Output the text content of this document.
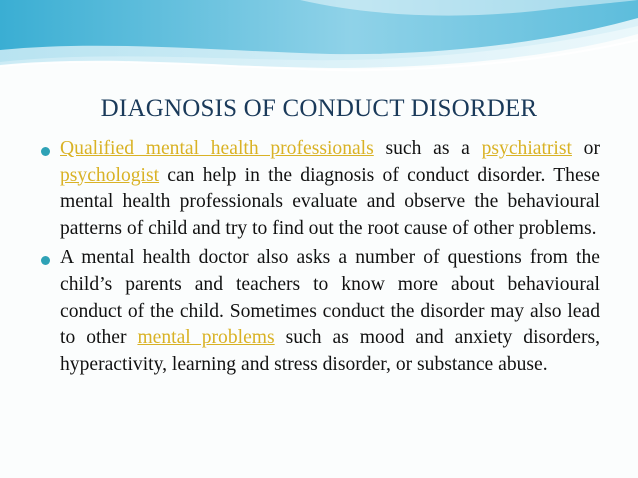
DIAGNOSIS OF CONDUCT DISORDER

Qualified mental health professionals such as a psychiatrist or psychologist can help in the diagnosis of conduct disorder. These mental health professionals evaluate and observe the behavioural patterns of child and try to find out the root cause of other problems.

A mental health doctor also asks a number of questions from the child’s parents and teachers to know more about behavioural conduct of the child. Sometimes conduct the disorder may also lead to other mental problems such as mood and anxiety disorders, hyperactivity, learning and stress disorder, or substance abuse.
